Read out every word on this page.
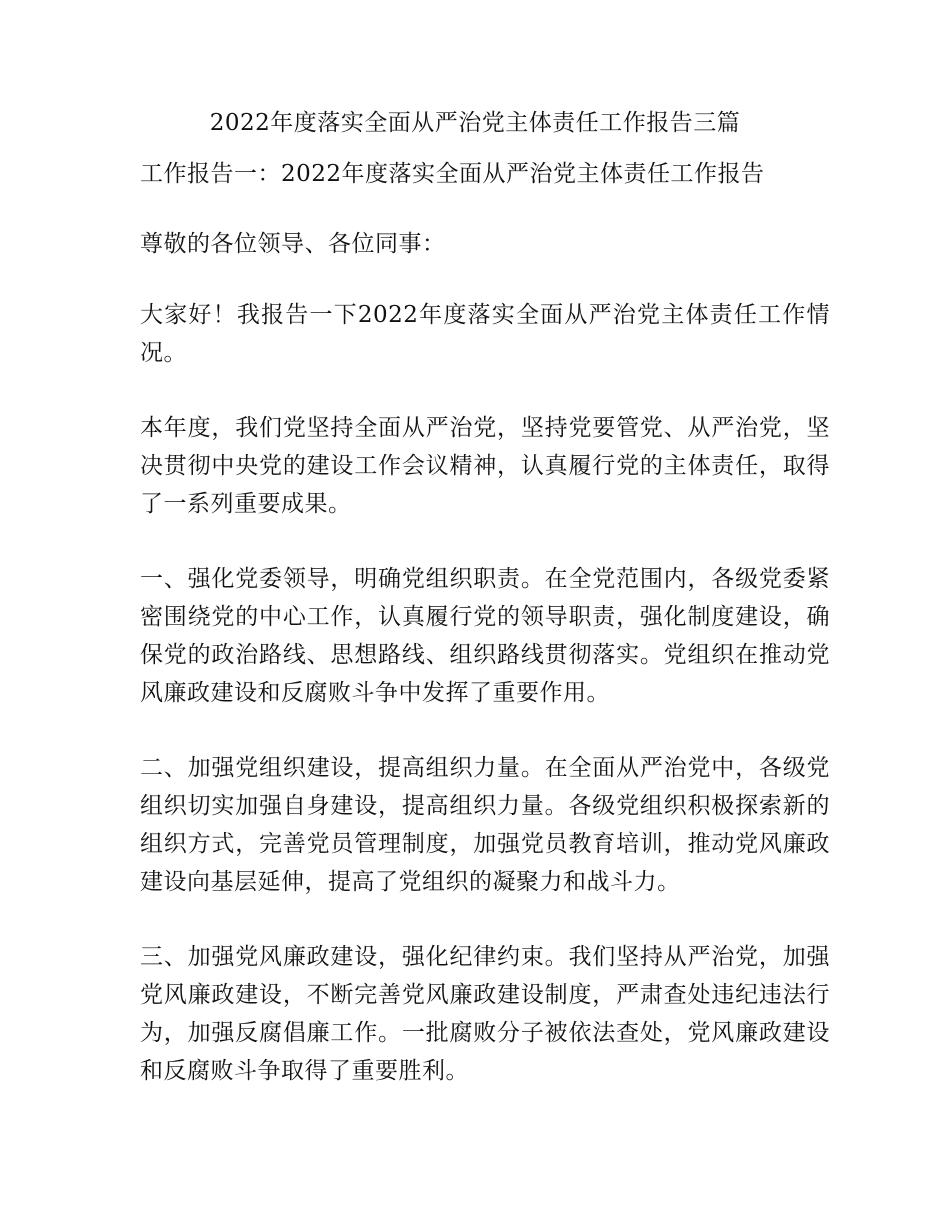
2022年度落实全面从严治党主体责任工作报告三篇

工作报告一：2022年度落实全面从严治党主体责任工作报告

尊敬的各位领导、各位同事：

大家好！我报告一下2022年度落实全面从严治党主体责任工作情况。

本年度，我们党坚持全面从严治党，坚持党要管党、从严治党，坚决贯彻中央党的建设工作会议精神，认真履行党的主体责任，取得了一系列重要成果。

一、强化党委领导，明确党组织职责。在全党范围内，各级党委紧密围绕党的中心工作，认真履行党的领导职责，强化制度建设，确保党的政治路线、思想路线、组织路线贯彻落实。党组织在推动党风廉政建设和反腐败斗争中发挥了重要作用。

二、加强党组织建设，提高组织力量。在全面从严治党中，各级党组织切实加强自身建设，提高组织力量。各级党组织积极探索新的组织方式，完善党员管理制度，加强党员教育培训，推动党风廉政建设向基层延伸，提高了党组织的凝聚力和战斗力。

三、加强党风廉政建设，强化纪律约束。我们坚持从严治党，加强党风廉政建设，不断完善党风廉政建设制度，严肃查处违纪违法行为，加强反腐倡廉工作。一批腐败分子被依法查处，党风廉政建设和反腐败斗争取得了重要胜利。
